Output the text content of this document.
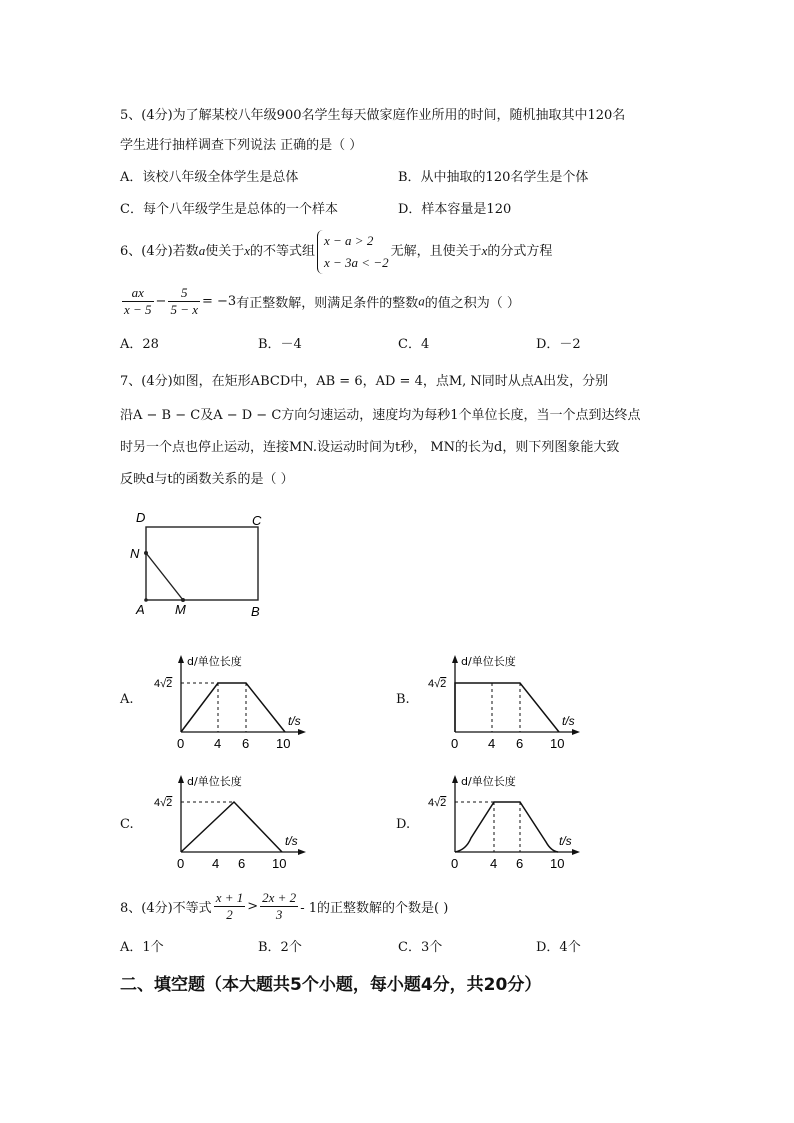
5、(4分)为了解某校八年级900名学生每天做家庭作业所用的时间，随机抽取其中120名
学生进行抽样调查下列说法 正确的是（ ）
A．该校八年级全体学生是总体	B．从中抽取的120名学生是个体
C．每个八年级学生是总体的一个样本	D．样本容量是120
6、(4分)若数a使关于x的不等式组
x − a > 2
x − 3a < −2
无解，且使关于x的分式方程
$\frac{ax}{x - 5} - \frac{5}{5 - x} = -3$有正整数解，则满足条件的整数a的值之积为（ ）
A．28	B．－4	C．4	D．－2
7、(4分)如图，在矩形ABCD中，AB = 6，AD = 4，点M, N同时从点A出发，分别
沿A − B − C及A − D − C方向匀速运动，速度均为每秒1个单位长度，当一个点到达终点
时另一个点也停止运动，连接MN.设运动时间为t秒， MN的长为d，则下列图象能大致
反映d与t的函数关系的是（ ）
D	C
N
A M	B
A.	B.
C.	D.
d/单位长度
t/s
4√2
0 4 6 10
d/单位长度
t/s
4√2
0 4 6 10
d/单位长度
t/s
4√2
0 4 6 10
d/单位长度
t/s
4√2
0 4 6 10
8、(4分)不等式 $\frac{x + 1}{2} > \frac{2x + 2}{3} - 1$的正整数解的个数是( )
A．1个	B．2个	C．3个	D．4个
二、填空题（本大题共5个小题，每小题4分，共20分）
